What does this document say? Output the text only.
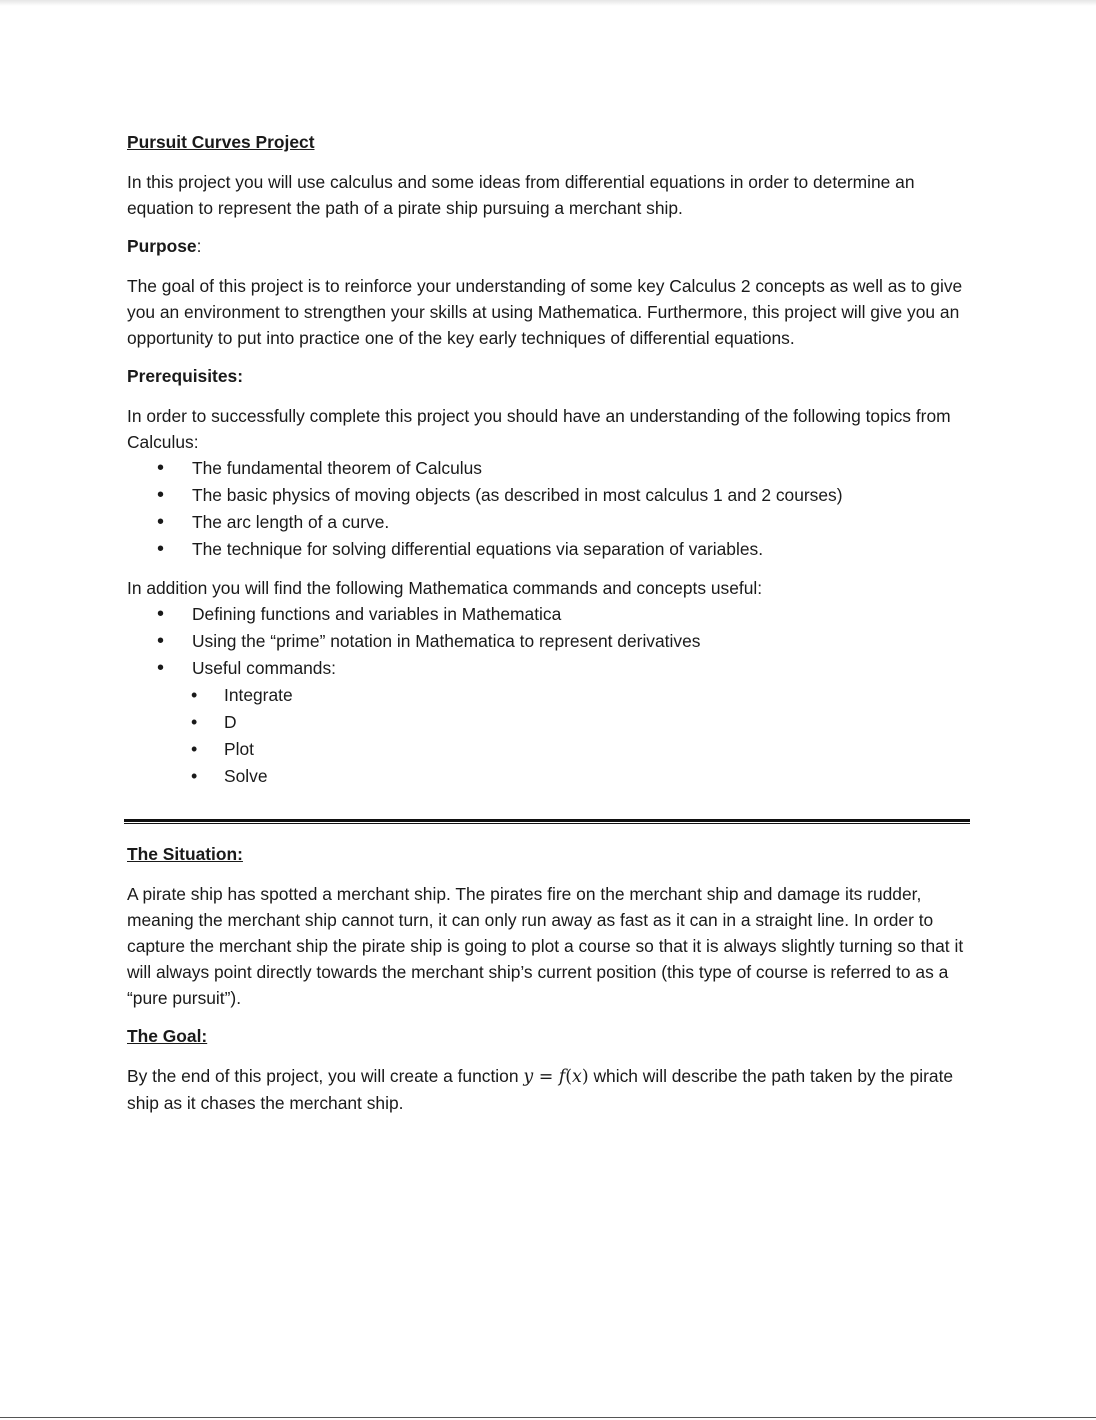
Pursuit Curves Project

In this project you will use calculus and some ideas from differential equations in order to determine an equation to represent the path of a pirate ship pursuing a merchant ship.

Purpose:

The goal of this project is to reinforce your understanding of some key Calculus 2 concepts as well as to give you an environment to strengthen your skills at using Mathematica. Furthermore, this project will give you an opportunity to put into practice one of the key early techniques of differential equations.

Prerequisites:

In order to successfully complete this project you should have an understanding of the following topics from Calculus:

• The fundamental theorem of Calculus
• The basic physics of moving objects (as described in most calculus 1 and 2 courses)
• The arc length of a curve.
• The technique for solving differential equations via separation of variables.

In addition you will find the following Mathematica commands and concepts useful:

• Defining functions and variables in Mathematica
• Using the “prime” notation in Mathematica to represent derivatives
• Useful commands:
• Integrate
• D
• Plot
• Solve

The Situation:

A pirate ship has spotted a merchant ship. The pirates fire on the merchant ship and damage its rudder, meaning the merchant ship cannot turn, it can only run away as fast as it can in a straight line. In order to capture the merchant ship the pirate ship is going to plot a course so that it is always slightly turning so that it will always point directly towards the merchant ship’s current position (this type of course is referred to as a “pure pursuit”).

The Goal:

By the end of this project, you will create a function y = f(x) which will describe the path taken by the pirate ship as it chases the merchant ship.
